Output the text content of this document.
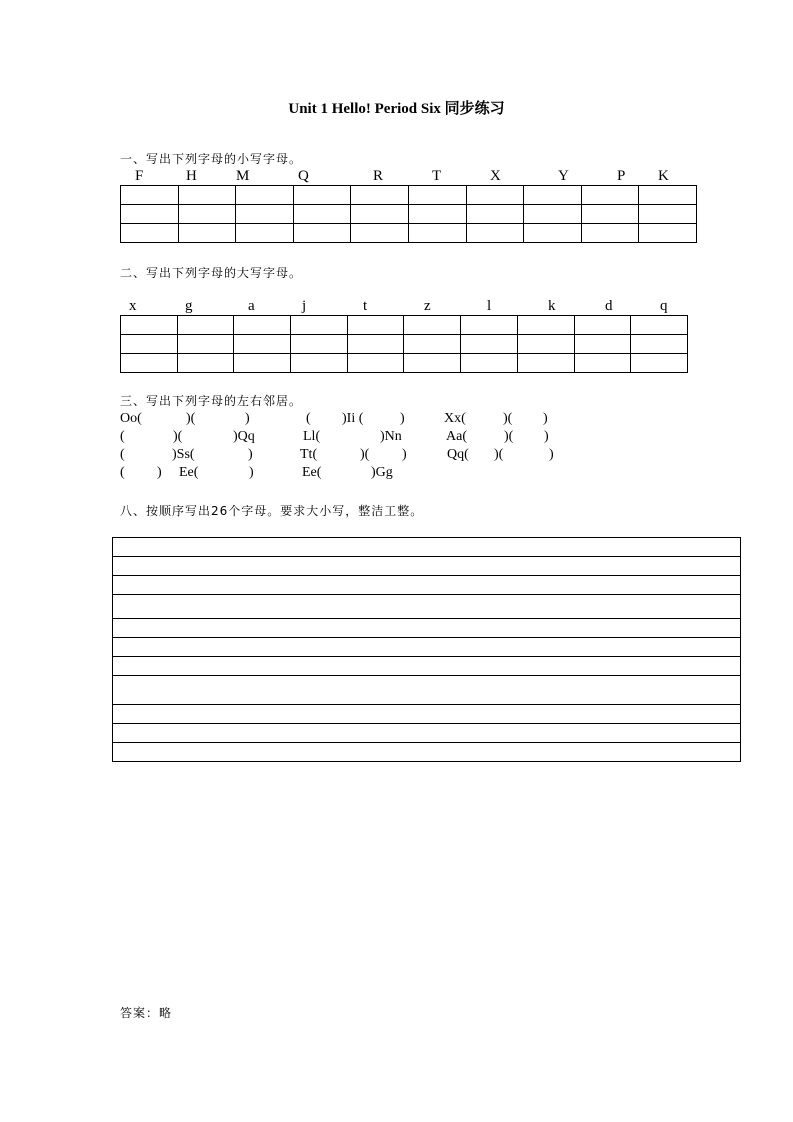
Unit 1 Hello! Period Six 同步练习
一、写出下列字母的小写字母。
F	H	M	Q	R	T	X	Y	P K

二、写出下列字母的大写字母。
x	g	a	j	t	z	l	k	d	q

三、写出下列字母的左右邻居。
Oo(	)(	)	( )Ii (	)	Xx(	)( )
(	)(	)Qq	Ll(	)Nn	Aa(	)( )
(	)Ss(	)	Tt(	)( )	Qq( )(	)
( ) Ee(	)	Ee(	)Gg
八、按顺序写出26个字母。要求大小写，整洁工整。

答案：略
